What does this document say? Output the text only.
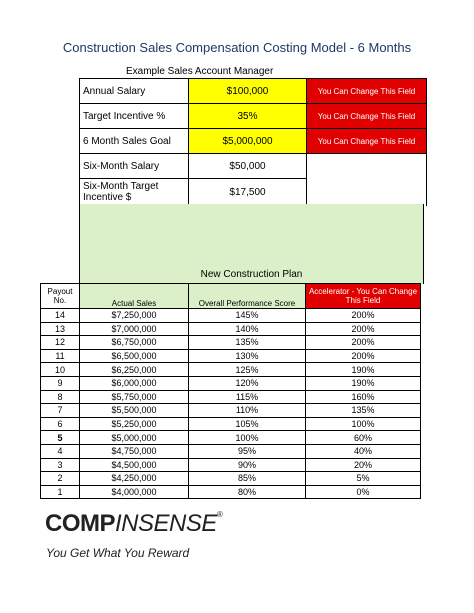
Construction Sales Compensation Costing Model - 6 Months
Example Sales Account Manager
Annual Salary	$100,000	You Can Change This Field
Target Incentive %	35%	You Can Change This Field
6 Month Sales Goal	$5,000,000	You Can Change This Field
Six-Month Salary	$50,000	
Six-Month Target Incentive $	$17,500	
New Construction Plan
Payout No.	Actual Sales	Overall Performance Score	Accelerator - You Can Change This Field
14	$7,250,000	145%	200%
13	$7,000,000	140%	200%
12	$6,750,000	135%	200%
11	$6,500,000	130%	200%
10	$6,250,000	125%	190%
9	$6,000,000	120%	190%
8	$5,750,000	115%	160%
7	$5,500,000	110%	135%
6	$5,250,000	105%	100%
5	$5,000,000	100%	60%
4	$4,750,000	95%	40%
3	$4,500,000	90%	20%
2	$4,250,000	85%	5%
1	$4,000,000	80%	0%
COMPINSENSE®
You Get What You Reward
